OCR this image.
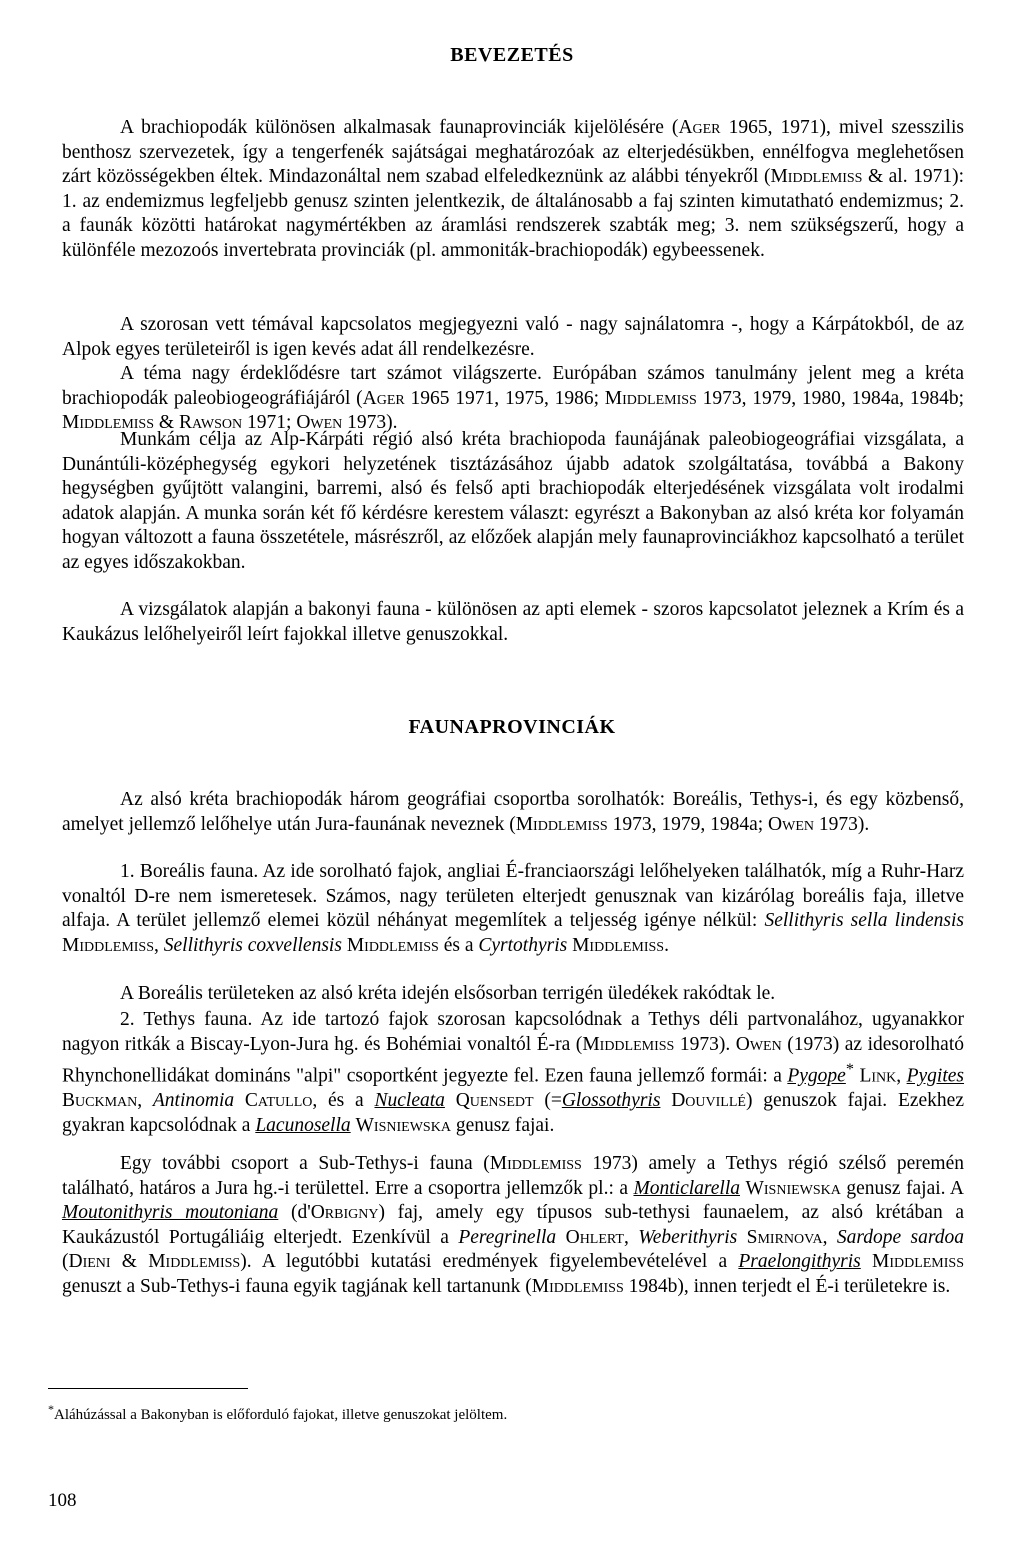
BEVEZETÉS

A brachiopodák különösen alkalmasak faunaprovinciák kijelölésére (Ager 1965, 1971), mivel szesszilis benthosz szervezetek, így a tengerfenék sajátságai meghatározóak az elterjedésükben, ennélfogva meglehetősen zárt közösségekben éltek. Mindazonáltal nem szabad elfeledkeznünk az alábbi tényekről (Middlemiss & al. 1971): 1. az endemizmus legfeljebb genusz szinten jelentkezik, de általánosabb a faj szinten kimutatható endemizmus; 2. a faunák közötti határokat nagymértékben az áramlási rendszerek szabták meg; 3. nem szükségszerű, hogy a különféle mezozoós invertebrata provinciák (pl. ammoniták-brachiopodák) egybeessenek.

A szorosan vett témával kapcsolatos megjegyezni való - nagy sajnálatomra -, hogy a Kárpátokból, de az Alpok egyes területeiről is igen kevés adat áll rendelkezésre.

A téma nagy érdeklődésre tart számot világszerte. Európában számos tanulmány jelent meg a kréta brachiopodák paleobiogeográfiájáról (Ager 1965 1971, 1975, 1986; Middlemiss 1973, 1979, 1980, 1984a, 1984b; Middlemiss & Rawson 1971; Owen 1973).

Munkám célja az Alp-Kárpáti régió alsó kréta brachiopoda faunájának paleobiogeográfiai vizsgálata, a Dunántúli-középhegység egykori helyzetének tisztázásához újabb adatok szolgáltatása, továbbá a Bakony hegységben gyűjtött valangini, barremi, alsó és felső apti brachiopodák elterjedésének vizsgálata volt irodalmi adatok alapján. A munka során két fő kérdésre kerestem választ: egyrészt a Bakonyban az alsó kréta kor folyamán hogyan változott a fauna összetétele, másrészről, az előzőek alapján mely faunaprovinciákhoz kapcsolható a terület az egyes időszakokban.

A vizsgálatok alapján a bakonyi fauna - különösen az apti elemek - szoros kapcsolatot jeleznek a Krím és a Kaukázus lelőhelyeiről leírt fajokkal illetve genuszokkal.

FAUNAPROVINCIÁK

Az alsó kréta brachiopodák három geográfiai csoportba sorolhatók: Boreális, Tethys-i, és egy közbenső, amelyet jellemző lelőhelye után Jura-faunának neveznek (Middlemiss 1973, 1979, 1984a; Owen 1973).

1. Boreális fauna. Az ide sorolható fajok, angliai É-franciaországi lelőhelyeken találhatók, míg a Ruhr-Harz vonaltól D-re nem ismeretesek. Számos, nagy területen elterjedt genusznak van kizárólag boreális faja, illetve alfaja. A terület jellemző elemei közül néhányat megemlítek a teljesség igénye nélkül: Sellithyris sella lindensis Middlemiss, Sellithyris coxvellensis Middlemiss és a Cyrtothyris Middlemiss.

A Boreális területeken az alsó kréta idején elsősorban terrigén üledékek rakódtak le.

2. Tethys fauna. Az ide tartozó fajok szorosan kapcsolódnak a Tethys déli partvonalához, ugyanakkor nagyon ritkák a Biscay-Lyon-Jura hg. és Bohémiai vonaltól É-ra (Middlemiss 1973). Owen (1973) az idesorolható Rhynchonellidákat domináns "alpi" csoportként jegyezte fel. Ezen fauna jellemző formái: a Pygope* Link, Pygites Buckman, Antinomia Catullo, és a Nucleata Quensedt (=Glossothyris Douvillé) genuszok fajai. Ezekhez gyakran kapcsolódnak a Lacunosella Wisniewska genusz fajai.

Egy további csoport a Sub-Tethys-i fauna (Middlemiss 1973) amely a Tethys régió szélső peremén található, határos a Jura hg.-i területtel. Erre a csoportra jellemzők pl.: a Monticlarella Wisniewska genusz fajai. A Moutonithyris moutoniana (d'Orbigny) faj, amely egy típusos sub-tethysi faunaelem, az alsó krétában a Kaukázustól Portugáliáig elterjedt. Ezenkívül a Peregrinella Ohlert, Weberithyris Smirnova, Sardope sardoa (Dieni & Middlemiss). A legutóbbi kutatási eredmények figyelembevételével a Praelongithyris Middlemiss genuszt a Sub-Tethys-i fauna egyik tagjának kell tartanunk (Middlemiss 1984b), innen terjedt el É-i területekre is.

*Aláhúzással a Bakonyban is előforduló fajokat, illetve genuszokat jelöltem.
108
